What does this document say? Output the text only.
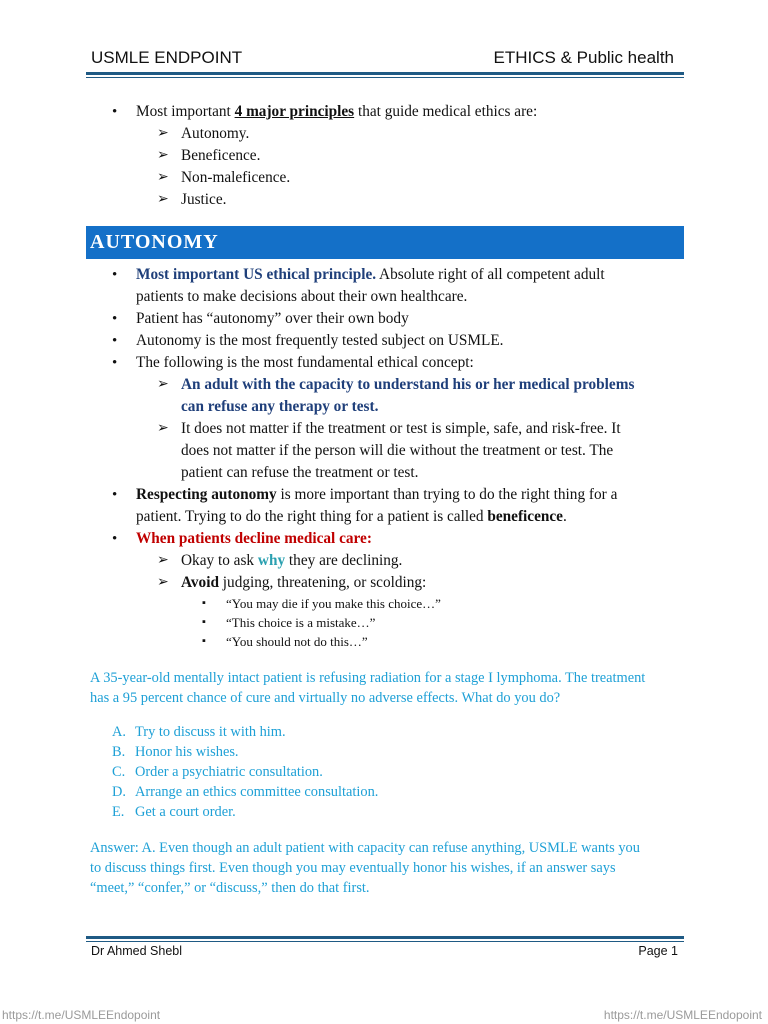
USMLE ENDPOINT	ETHICS & Public health
• Most important 4 major principles that guide medical ethics are:
➢ Autonomy.
➢ Beneficence.
➢ Non-maleficence.
➢ Justice.
AUTONOMY
• Most important US ethical principle. Absolute right of all competent adult
patients to make decisions about their own healthcare.
• Patient has “autonomy” over their own body
• Autonomy is the most frequently tested subject on USMLE.
• The following is the most fundamental ethical concept:
➢ An adult with the capacity to understand his or her medical problems
can refuse any therapy or test.
➢ It does not matter if the treatment or test is simple, safe, and risk-free. It
does not matter if the person will die without the treatment or test. The
patient can refuse the treatment or test.
• Respecting autonomy is more important than trying to do the right thing for a
patient. Trying to do the right thing for a patient is called beneficence.
• When patients decline medical care:
➢ Okay to ask why they are declining.
➢ Avoid judging, threatening, or scolding:
▪ “You may die if you make this choice…”
▪ “This choice is a mistake…”
▪ “You should not do this…”
A 35-year-old mentally intact patient is refusing radiation for a stage I lymphoma. The treatment
has a 95 percent chance of cure and virtually no adverse effects. What do you do?
A. Try to discuss it with him.
B. Honor his wishes.
C. Order a psychiatric consultation.
D. Arrange an ethics committee consultation.
E. Get a court order.
Answer: A. Even though an adult patient with capacity can refuse anything, USMLE wants you
to discuss things first. Even though you may eventually honor his wishes, if an answer says
“meet,” “confer,” or “discuss,” then do that first.
Dr Ahmed Shebl	Page 1
https://t.me/USMLEEndopoint	https://t.me/USMLEEndopoint
